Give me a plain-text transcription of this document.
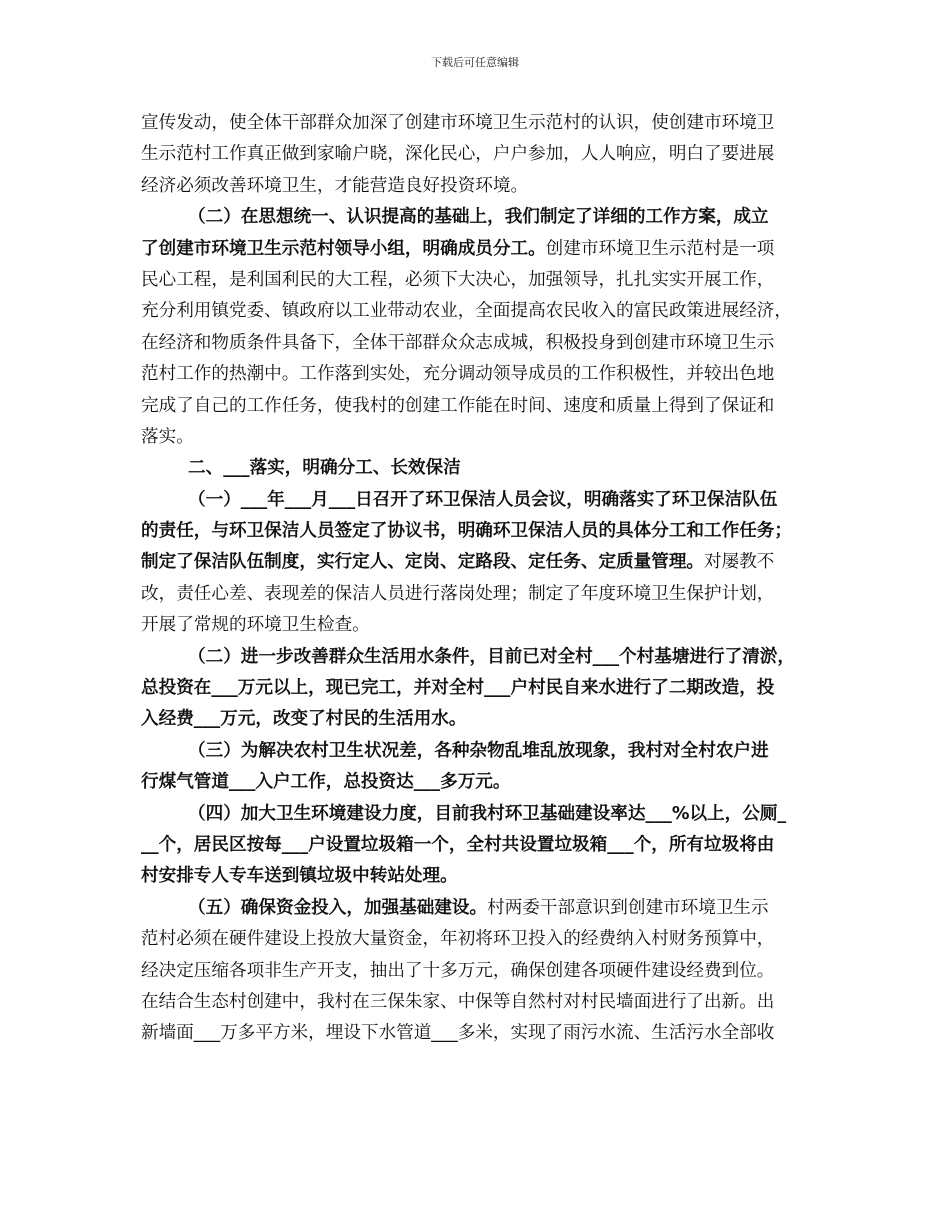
下载后可任意编辑
宣传发动，使全体干部群众加深了创建市环境卫生示范村的认识，使创建市环境卫
生示范村工作真正做到家喻户晓，深化民心，户户参加，人人响应，明白了要进展
经济必须改善环境卫生，才能营造良好投资环境。
（二）在思想统一、认识提高的基础上，我们制定了详细的工作方案，成立
了创建市环境卫生示范村领导小组，明确成员分工。创建市环境卫生示范村是一项
民心工程，是利国利民的大工程，必须下大决心，加强领导，扎扎实实开展工作，
充分利用镇党委、镇政府以工业带动农业，全面提高农民收入的富民政策进展经济，
在经济和物质条件具备下，全体干部群众众志成城，积极投身到创建市环境卫生示
范村工作的热潮中。工作落到实处，充分调动领导成员的工作积极性，并较出色地
完成了自己的工作任务，使我村的创建工作能在时间、速度和质量上得到了保证和
落实。
二、___落实，明确分工、长效保洁
（一）___年___月___日召开了环卫保洁人员会议，明确落实了环卫保洁队伍
的责任，与环卫保洁人员签定了协议书，明确环卫保洁人员的具体分工和工作任务；
制定了保洁队伍制度，实行定人、定岗、定路段、定任务、定质量管理。对屡教不
改，责任心差、表现差的保洁人员进行落岗处理；制定了年度环境卫生保护计划，
开展了常规的环境卫生检查。
（二）进一步改善群众生活用水条件，目前已对全村___个村基塘进行了清淤，
总投资在___万元以上，现已完工，并对全村___户村民自来水进行了二期改造，投
入经费___万元，改变了村民的生活用水。
（三）为解决农村卫生状况差，各种杂物乱堆乱放现象，我村对全村农户进
行煤气管道___入户工作，总投资达___多万元。
（四）加大卫生环境建设力度，目前我村环卫基础建设率达___%以上，公厕_
__个，居民区按每___户设置垃圾箱一个，全村共设置垃圾箱___个，所有垃圾将由
村安排专人专车送到镇垃圾中转站处理。
（五）确保资金投入，加强基础建设。村两委干部意识到创建市环境卫生示
范村必须在硬件建设上投放大量资金，年初将环卫投入的经费纳入村财务预算中，
经决定压缩各项非生产开支，抽出了十多万元，确保创建各项硬件建设经费到位。
在结合生态村创建中，我村在三保朱家、中保等自然村对村民墙面进行了出新。出
新墙面___万多平方米，埋设下水管道___多米，实现了雨污水流、生活污水全部收
